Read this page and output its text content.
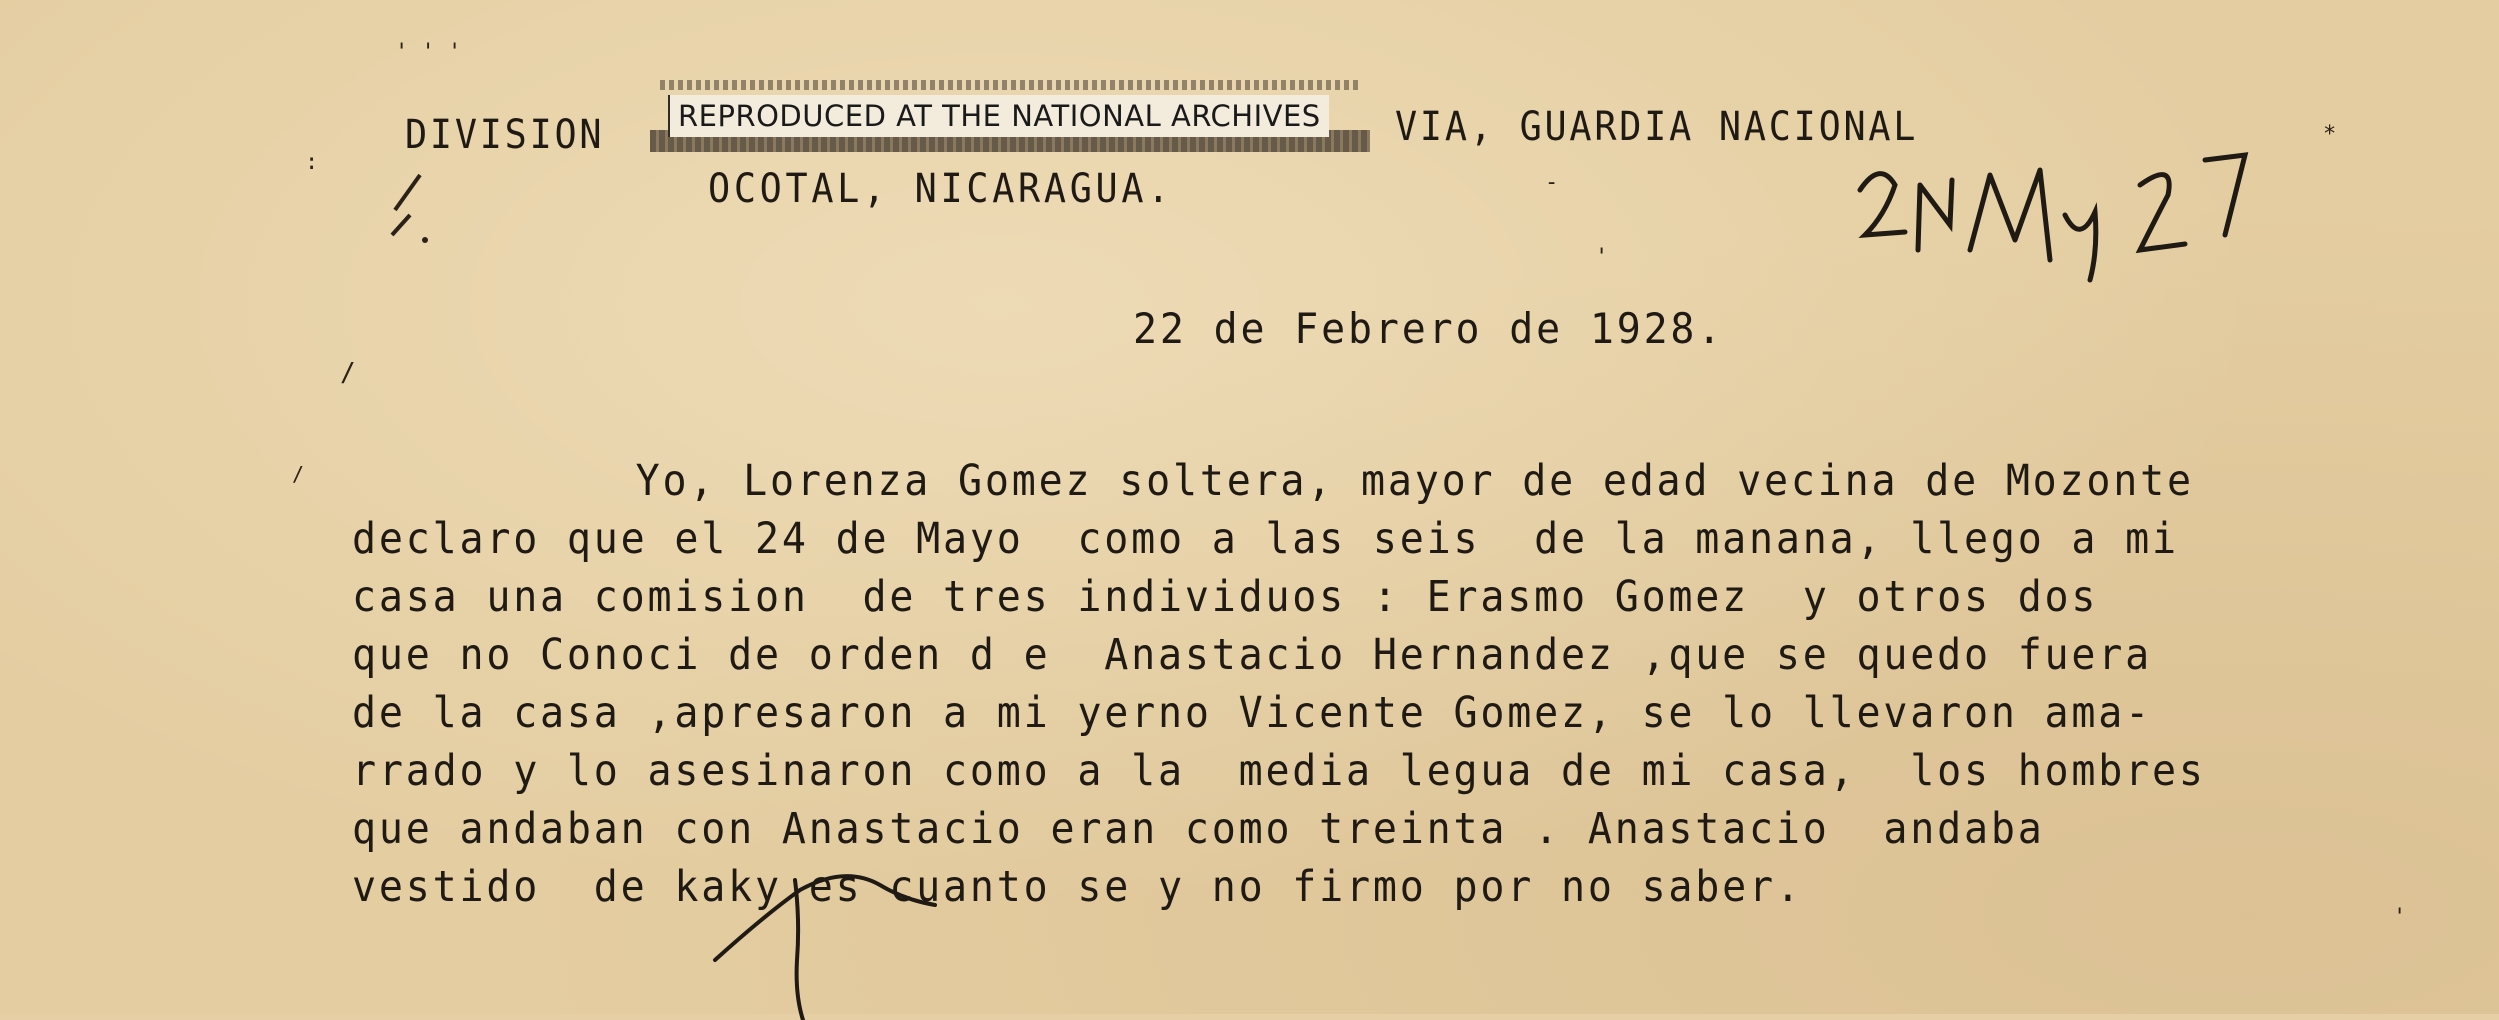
' ' '
:
/
/
*
'
'
-
DIVISION	REPRODUCED AT THE NATIONAL ARCHIVES VIA, GUARDIA NACIONAL
OCOTAL, NICARAGUA.
22 de Febrero de 1928.
Yo, Lorenza Gomez soltera, mayor de edad vecina de Mozonte
declaro que el 24 de Mayo  como a las seis  de la manana, llego a mi
casa una comision  de tres individuos : Erasmo Gomez  y otros dos
que no Conoci de orden d e  Anastacio Hernandez ,que se quedo fuera
de la casa ,apresaron a mi yerno Vicente Gomez, se lo llevaron ama-
rrado y lo asesinaron como a la  media legua de mi casa,  los hombres
que andaban con Anastacio eran como treinta . Anastacio  andaba
vestido  de kaky es cuanto se y no firmo por no saber.
